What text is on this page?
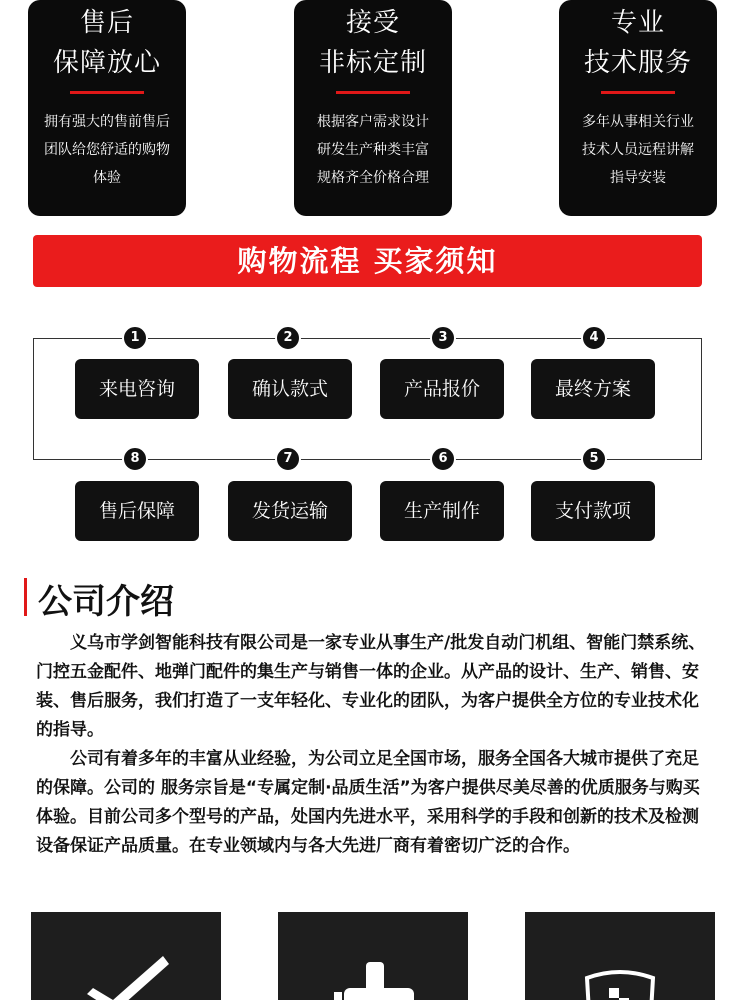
售后
保障放心
拥有强大的售前售后
团队给您舒适的购物
体验
接受
非标定制
根据客户需求设计
研发生产种类丰富
规格齐全价格合理
专业
技术服务
多年从事相关行业
技术人员远程讲解
指导安装
购物流程 买家须知
1	2	3	4
来电咨询	确认款式	产品报价	最终方案
8	7	6	5
售后保障	发货运输	生产制作	支付款项
公司介绍

义乌市学剑智能科技有限公司是一家专业从事生产/批发自动门机组、智能门禁系统、门控五金配件、地弹门配件的集生产与销售一体的企业。从产品的设计、生产、销售、安装、售后服务，我们打造了一支年轻化、专业化的团队，为客户提供全方位的专业技术化的指导。

公司有着多年的丰富从业经验，为公司立足全国市场，服务全国各大城市提供了充足的保障。公司的 服务宗旨是“专属定制·品质生活”为客户提供尽美尽善的优质服务与购买体验。目前公司多个型号的产品，处国内先进水平，采用科学的手段和创新的技术及检测设备保证产品质量。在专业领域内与各大先进厂商有着密切广泛的合作。
